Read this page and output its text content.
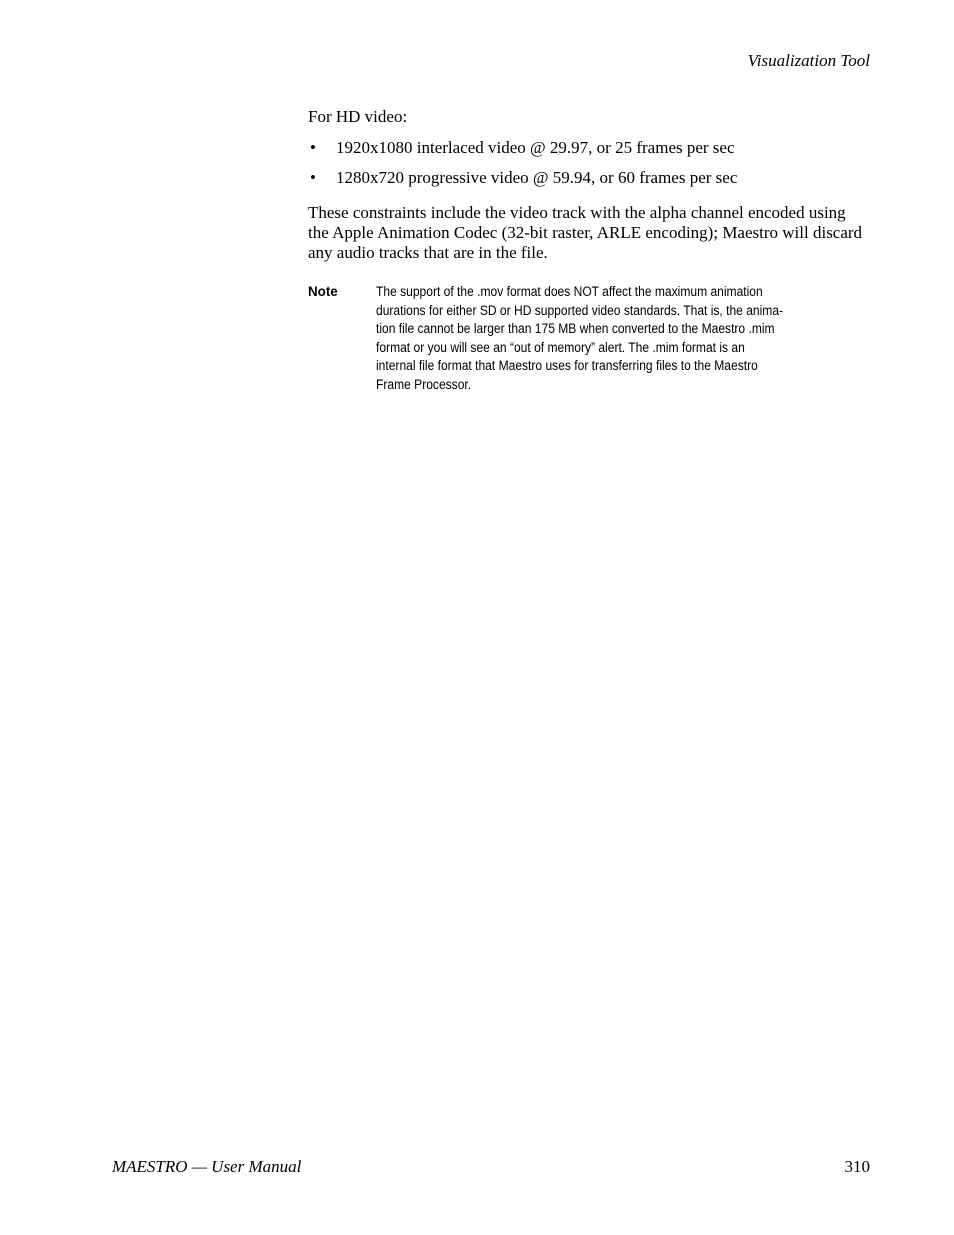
Visualization Tool

For HD video:

• 1920x1080 interlaced video @ 29.97, or 25 frames per sec
• 1280x720 progressive video @ 59.94, or 60 frames per sec

These constraints include the video track with the alpha channel encoded using the Apple Animation Codec (32-bit raster, ARLE encoding); Maestro will discard any audio tracks that are in the file.

Note	The support of the .mov format does NOT affect the maximum animation
durations for either SD or HD supported video standards. That is, the anima-
tion file cannot be larger than 175 MB when converted to the Maestro .mim
format or you will see an “out of memory” alert. The .mim format is an
internal file format that Maestro uses for transferring files to the Maestro
Frame Processor.
MAESTRO — User Manual	310
